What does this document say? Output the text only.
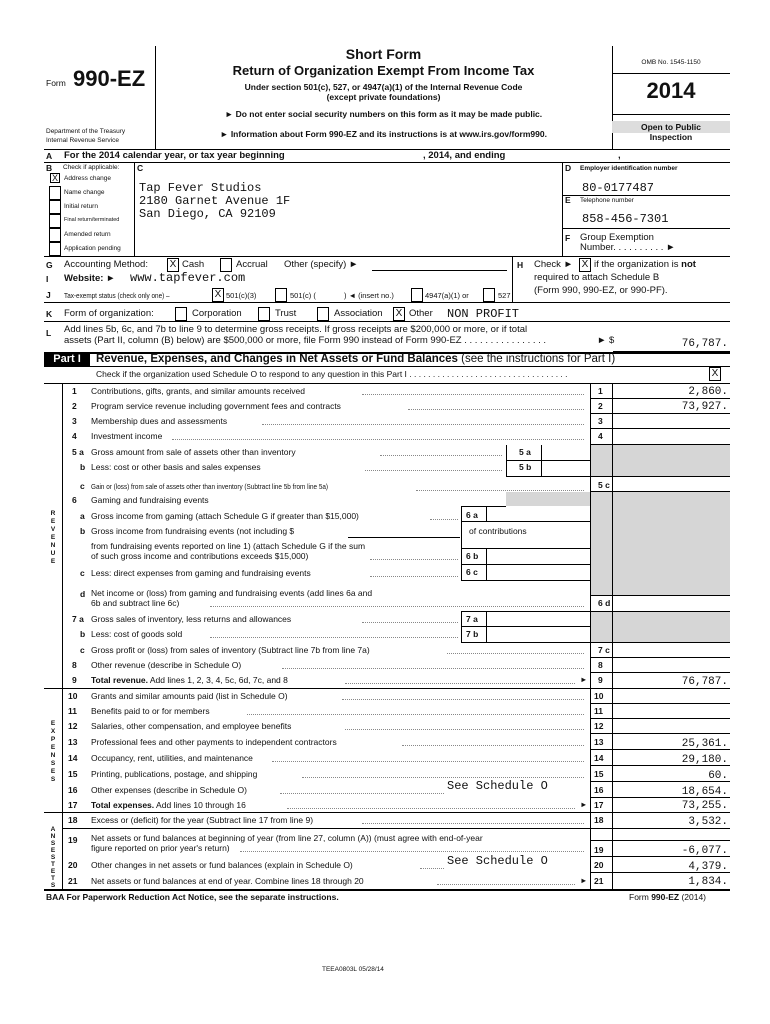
Form 990-EZ
Department of the Treasury
Internal Revenue Service
Short Form
Return of Organization Exempt From Income Tax
Under section 501(c), 527, or 4947(a)(1) of the Internal Revenue Code
(except private foundations)
► Do not enter social security numbers on this form as it may be made public.
► Information about Form 990-EZ and its instructions is at www.irs.gov/form990.
OMB No. 1545-1150
2014
Open to Public
Inspection
A For the 2014 calendar year, or tax year beginning	, 2014, and ending	,
B Check if applicable:
X Address change
Name change
Initial return
Final return/terminated
Amended return
Application pending
C
Tap Fever Studios
2180 Garnet Avenue 1F
San Diego, CA 92109
D Employer identification number
80-0177487
E Telephone number
858-456-7301
F Group Exemption
Number. . . . . . . . . . ►
G Accounting Method: X Cash	Accrual Other (specify) ►	H Check ► X if the organization is not
required to attach Schedule B
(Form 990, 990-EZ, or 990-PF).
I Website: ► www.tapfever.com
J Tax-exempt status (check only one) –	X 501(c)(3)	501(c) (	) ◄ (insert no.)	4947(a)(1) or	527
K Form of organization:	Corporation	Trust	Association X Other NON PROFIT
L Add lines 5b, 6c, and 7b to line 9 to determine gross receipts. If gross receipts are $200,000 or more, or if total
assets (Part II, column (B) below) are $500,000 or more, file Form 990 instead of Form 990-EZ . . . . . . . . . . . . . . . .	► $	76,787.
Part I	Revenue, Expenses, and Changes in Net Assets or Fund Balances (see the instructions for Part I)
Check if the organization used Schedule O to respond to any question in this Part I . . . . . . . . . . . . . . . . . . . . . . . . . . . . . . . . . .	X
R
E
V
E
N
U
E
E
X
P
E
N
S
E
S
A
N
S
E
S
T
E
T
S
1 Contributions, gifts, grants, and similar amounts received	1	2,860.
2 Program service revenue including government fees and contracts	2	73,927.
3 Membership dues and assessments	3
4 Investment income	4
5 a Gross amount from sale of assets other than inventory	5 a
b Less: cost or other basis and sales expenses	5 b
c Gain or (loss) from sale of assets other than inventory (Subtract line 5b from line 5a)	5 c
6 Gaming and fundraising events
a Gross income from gaming (attach Schedule G if greater than $15,000)	6 a
b Gross income from fundraising events (not including $	of contributions
from fundraising events reported on line 1) (attach Schedule G if the sum
of such gross income and contributions exceeds $15,000)	6 b
c Less: direct expenses from gaming and fundraising events	6 c
d Net income or (loss) from gaming and fundraising events (add lines 6a and
6b and subtract line 6c)	6 d
7 a Gross sales of inventory, less returns and allowances	7 a
b Less: cost of goods sold	7 b
c Gross profit or (loss) from sales of inventory (Subtract line 7b from line 7a)	7 c
8 Other revenue (describe in Schedule O)	8
9 Total revenue. Add lines 1, 2, 3, 4, 5c, 6d, 7c, and 8	► 9	76,787.
10 Grants and similar amounts paid (list in Schedule O)	10
11 Benefits paid to or for members	11
12 Salaries, other compensation, and employee benefits	12
13 Professional fees and other payments to independent contractors	13	25,361.
14 Occupancy, rent, utilities, and maintenance	14	29,180.
15 Printing, publications, postage, and shipping	15	60.
16 Other expenses (describe in Schedule O)	See Schedule O	16	18,654.
17 Total expenses. Add lines 10 through 16	► 17	73,255.
18 Excess or (deficit) for the year (Subtract line 17 from line 9)	18	3,532.
19 Net assets or fund balances at beginning of year (from line 27, column (A)) (must agree with end-of-year
figure reported on prior year's return)	19	-6,077.
20 Other changes in net assets or fund balances (explain in Schedule O)	See Schedule O	20	4,379.
21 Net assets or fund balances at end of year. Combine lines 18 through 20	► 21	1,834.
BAA For Paperwork Reduction Act Notice, see the separate instructions.	Form 990-EZ (2014)
TEEA0803L 05/28/14
